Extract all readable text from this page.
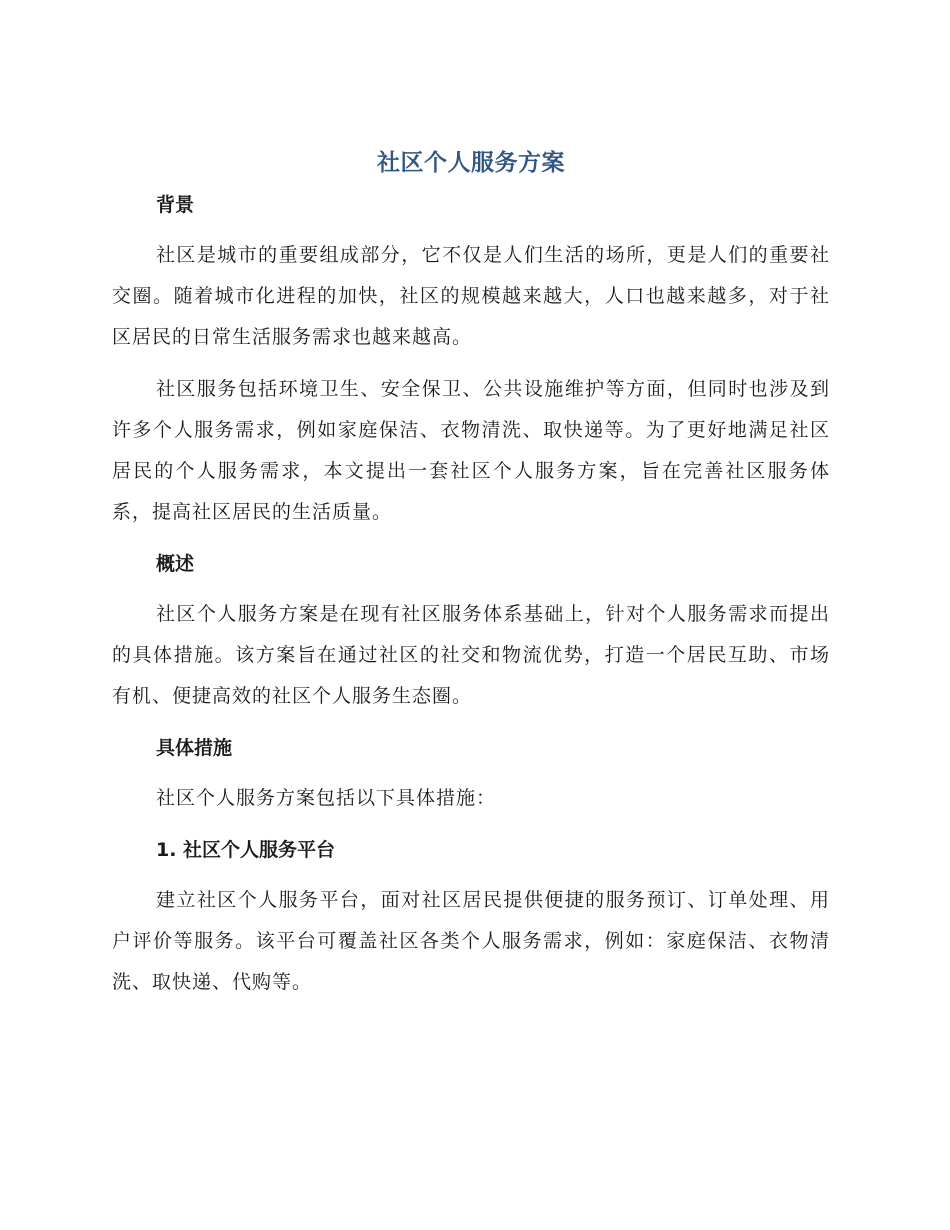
社区个人服务方案
背景

社区是城市的重要组成部分，它不仅是人们生活的场所，更是人们的重要社交圈。随着城市化进程的加快，社区的规模越来越大，人口也越来越多，对于社区居民的日常生活服务需求也越来越高。

社区服务包括环境卫生、安全保卫、公共设施维护等方面，但同时也涉及到许多个人服务需求，例如家庭保洁、衣物清洗、取快递等。为了更好地满足社区居民的个人服务需求，本文提出一套社区个人服务方案，旨在完善社区服务体系，提高社区居民的生活质量。

概述

社区个人服务方案是在现有社区服务体系基础上，针对个人服务需求而提出的具体措施。该方案旨在通过社区的社交和物流优势，打造一个居民互助、市场有机、便捷高效的社区个人服务生态圈。

具体措施

社区个人服务方案包括以下具体措施：

1. 社区个人服务平台

建立社区个人服务平台，面对社区居民提供便捷的服务预订、订单处理、用户评价等服务。该平台可覆盖社区各类个人服务需求，例如：家庭保洁、衣物清洗、取快递、代购等。
